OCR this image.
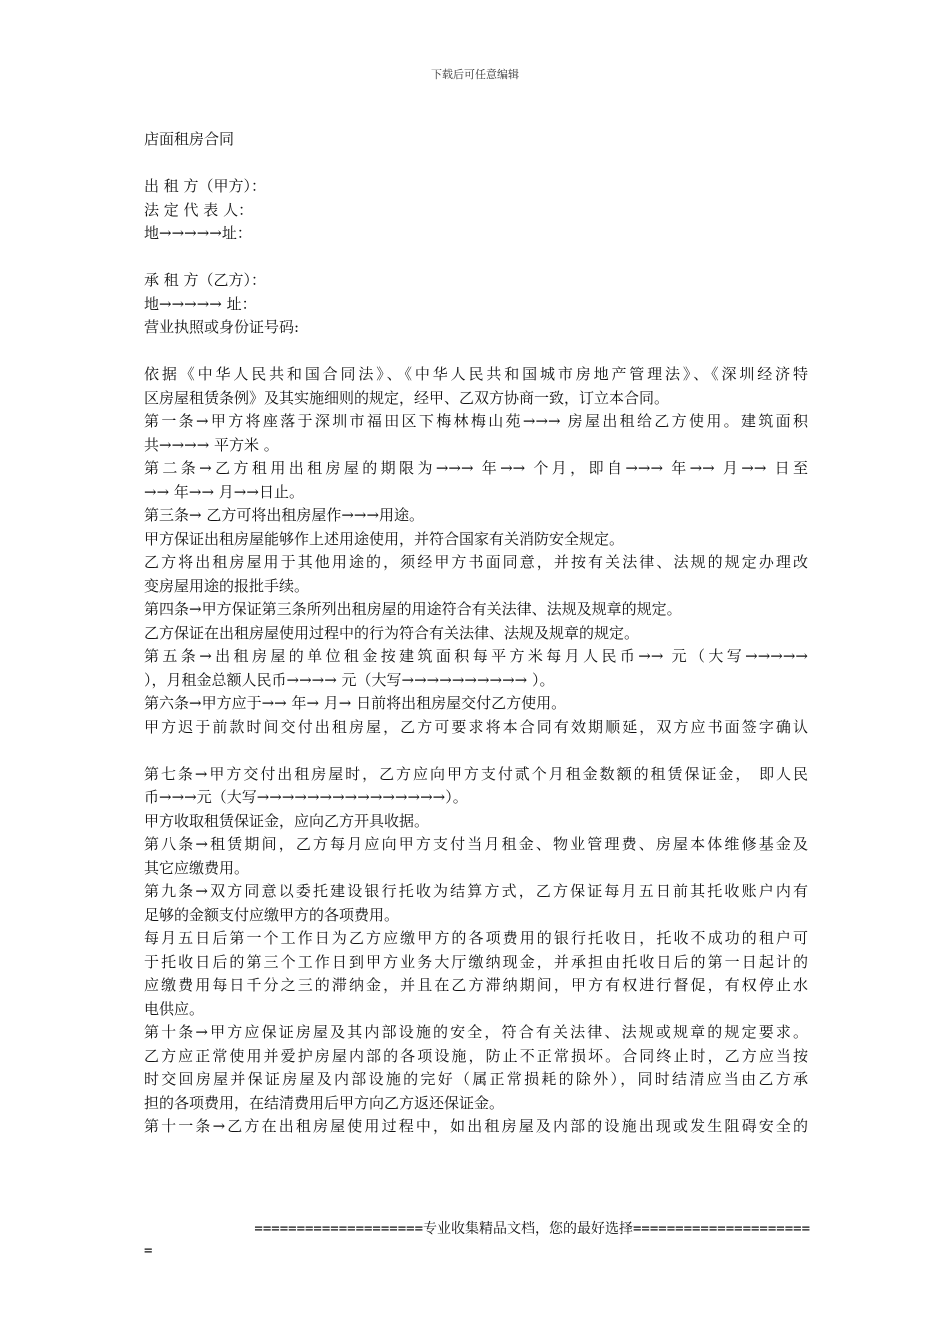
下载后可任意编辑
店面租房合同
出 租 方（甲方）：
法 定 代 表 人：
地→→→→→址：
承 租 方（乙方）：
地→→→→→ 址：
营业执照或身份证号码:
依据《中华人民共和国合同法》、《中华人民共和国城市房地产管理法》、《深圳经济特
区房屋租赁条例》及其实施细则的规定，经甲、乙双方协商一致，订立本合同。
第一条→甲方将座落于深圳市福田区下梅林梅山苑→→→ 房屋出租给乙方使用。建筑面积
共→→→→ 平方米 。
第二条→乙方租用出租房屋的期限为→→→ 年→→ 个月，即自→→→ 年→→ 月→→ 日至
→→ 年→→ 月→→日止。
第三条→ 乙方可将出租房屋作→→→用途。
甲方保证出租房屋能够作上述用途使用，并符合国家有关消防安全规定。
乙方将出租房屋用于其他用途的，须经甲方书面同意，并按有关法律、法规的规定办理改
变房屋用途的报批手续。
第四条→甲方保证第三条所列出租房屋的用途符合有关法律、法规及规章的规定。
乙方保证在出租房屋使用过程中的行为符合有关法律、法规及规章的规定。
第五条→出租房屋的单位租金按建筑面积每平方米每月人民币→→ 元（大写→→→→→
），月租金总额人民币→→→→ 元（大写→→→→→→→→→→ ）。
第六条→甲方应于→→ 年→ 月→ 日前将出租房屋交付乙方使用。
甲方迟于前款时间交付出租房屋，乙方可要求将本合同有效期顺延，双方应书面签字确认
第七条→甲方交付出租房屋时，乙方应向甲方支付贰个月租金数额的租赁保证金， 即人民
币→→→元（大写→→→→→→→→→→→→→→→）。
甲方收取租赁保证金，应向乙方开具收据。
第八条→租赁期间，乙方每月应向甲方支付当月租金、物业管理费、房屋本体维修基金及
其它应缴费用。
第九条→双方同意以委托建设银行托收为结算方式，乙方保证每月五日前其托收账户内有
足够的金额支付应缴甲方的各项费用。
每月五日后第一个工作日为乙方应缴甲方的各项费用的银行托收日，托收不成功的租户可
于托收日后的第三个工作日到甲方业务大厅缴纳现金，并承担由托收日后的第一日起计的
应缴费用每日千分之三的滞纳金，并且在乙方滞纳期间，甲方有权进行督促，有权停止水
电供应。
第十条→甲方应保证房屋及其内部设施的安全，符合有关法律、法规或规章的规定要求。
乙方应正常使用并爱护房屋内部的各项设施，防止不正常损坏。合同终止时，乙方应当按
时交回房屋并保证房屋及内部设施的完好（属正常损耗的除外），同时结清应当由乙方承
担的各项费用，在结清费用后甲方向乙方返还保证金。
第十一条→乙方在出租房屋使用过程中，如出租房屋及内部的设施出现或发生阻碍安全的
====================专业收集精品文档，您的最好选择=====================
=
